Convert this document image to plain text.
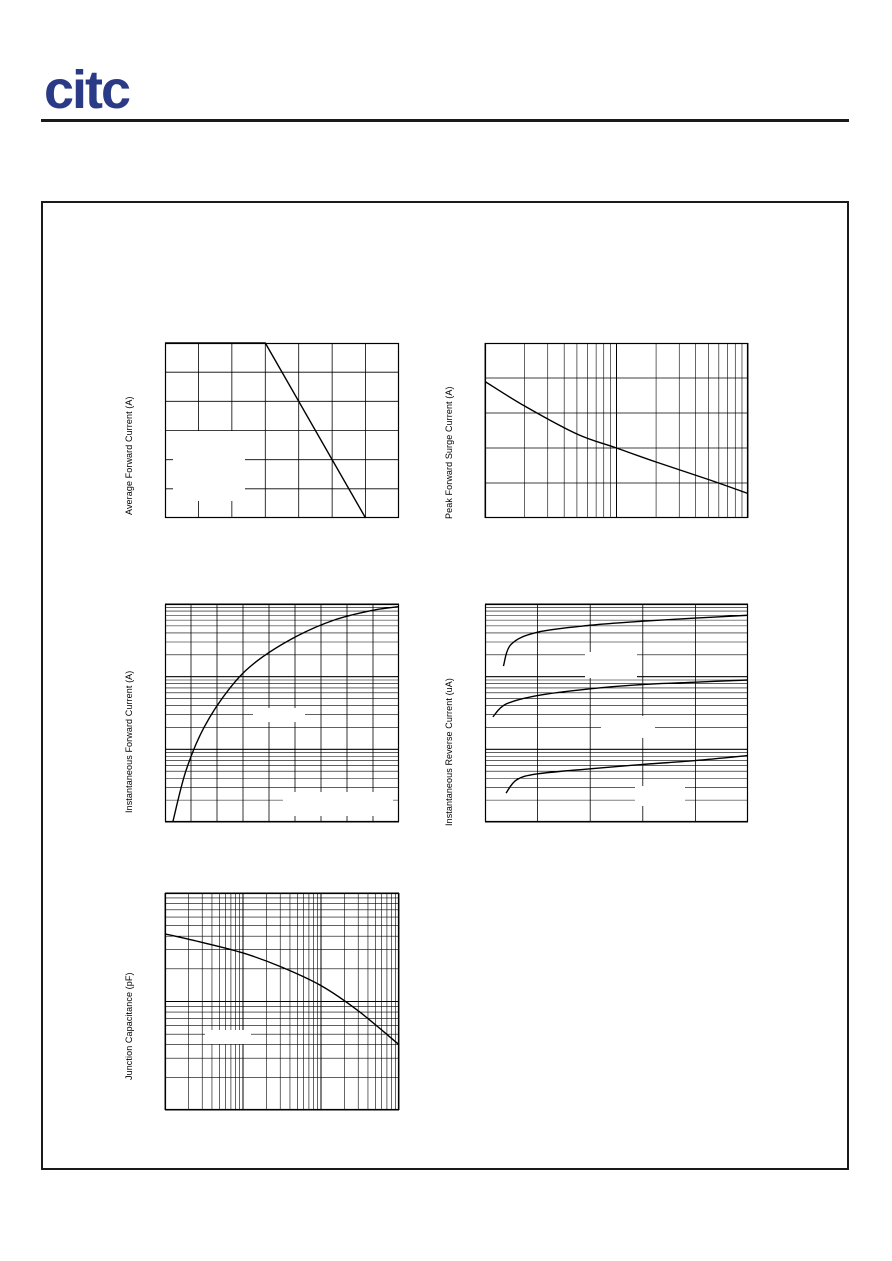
citc
Average Forward Current (A)	Peak Forward Surge Current (A)
Instantaneous Forward Current (A)	Instantaneous Reverse Current (uA)
Junction Capacitance (pF)
